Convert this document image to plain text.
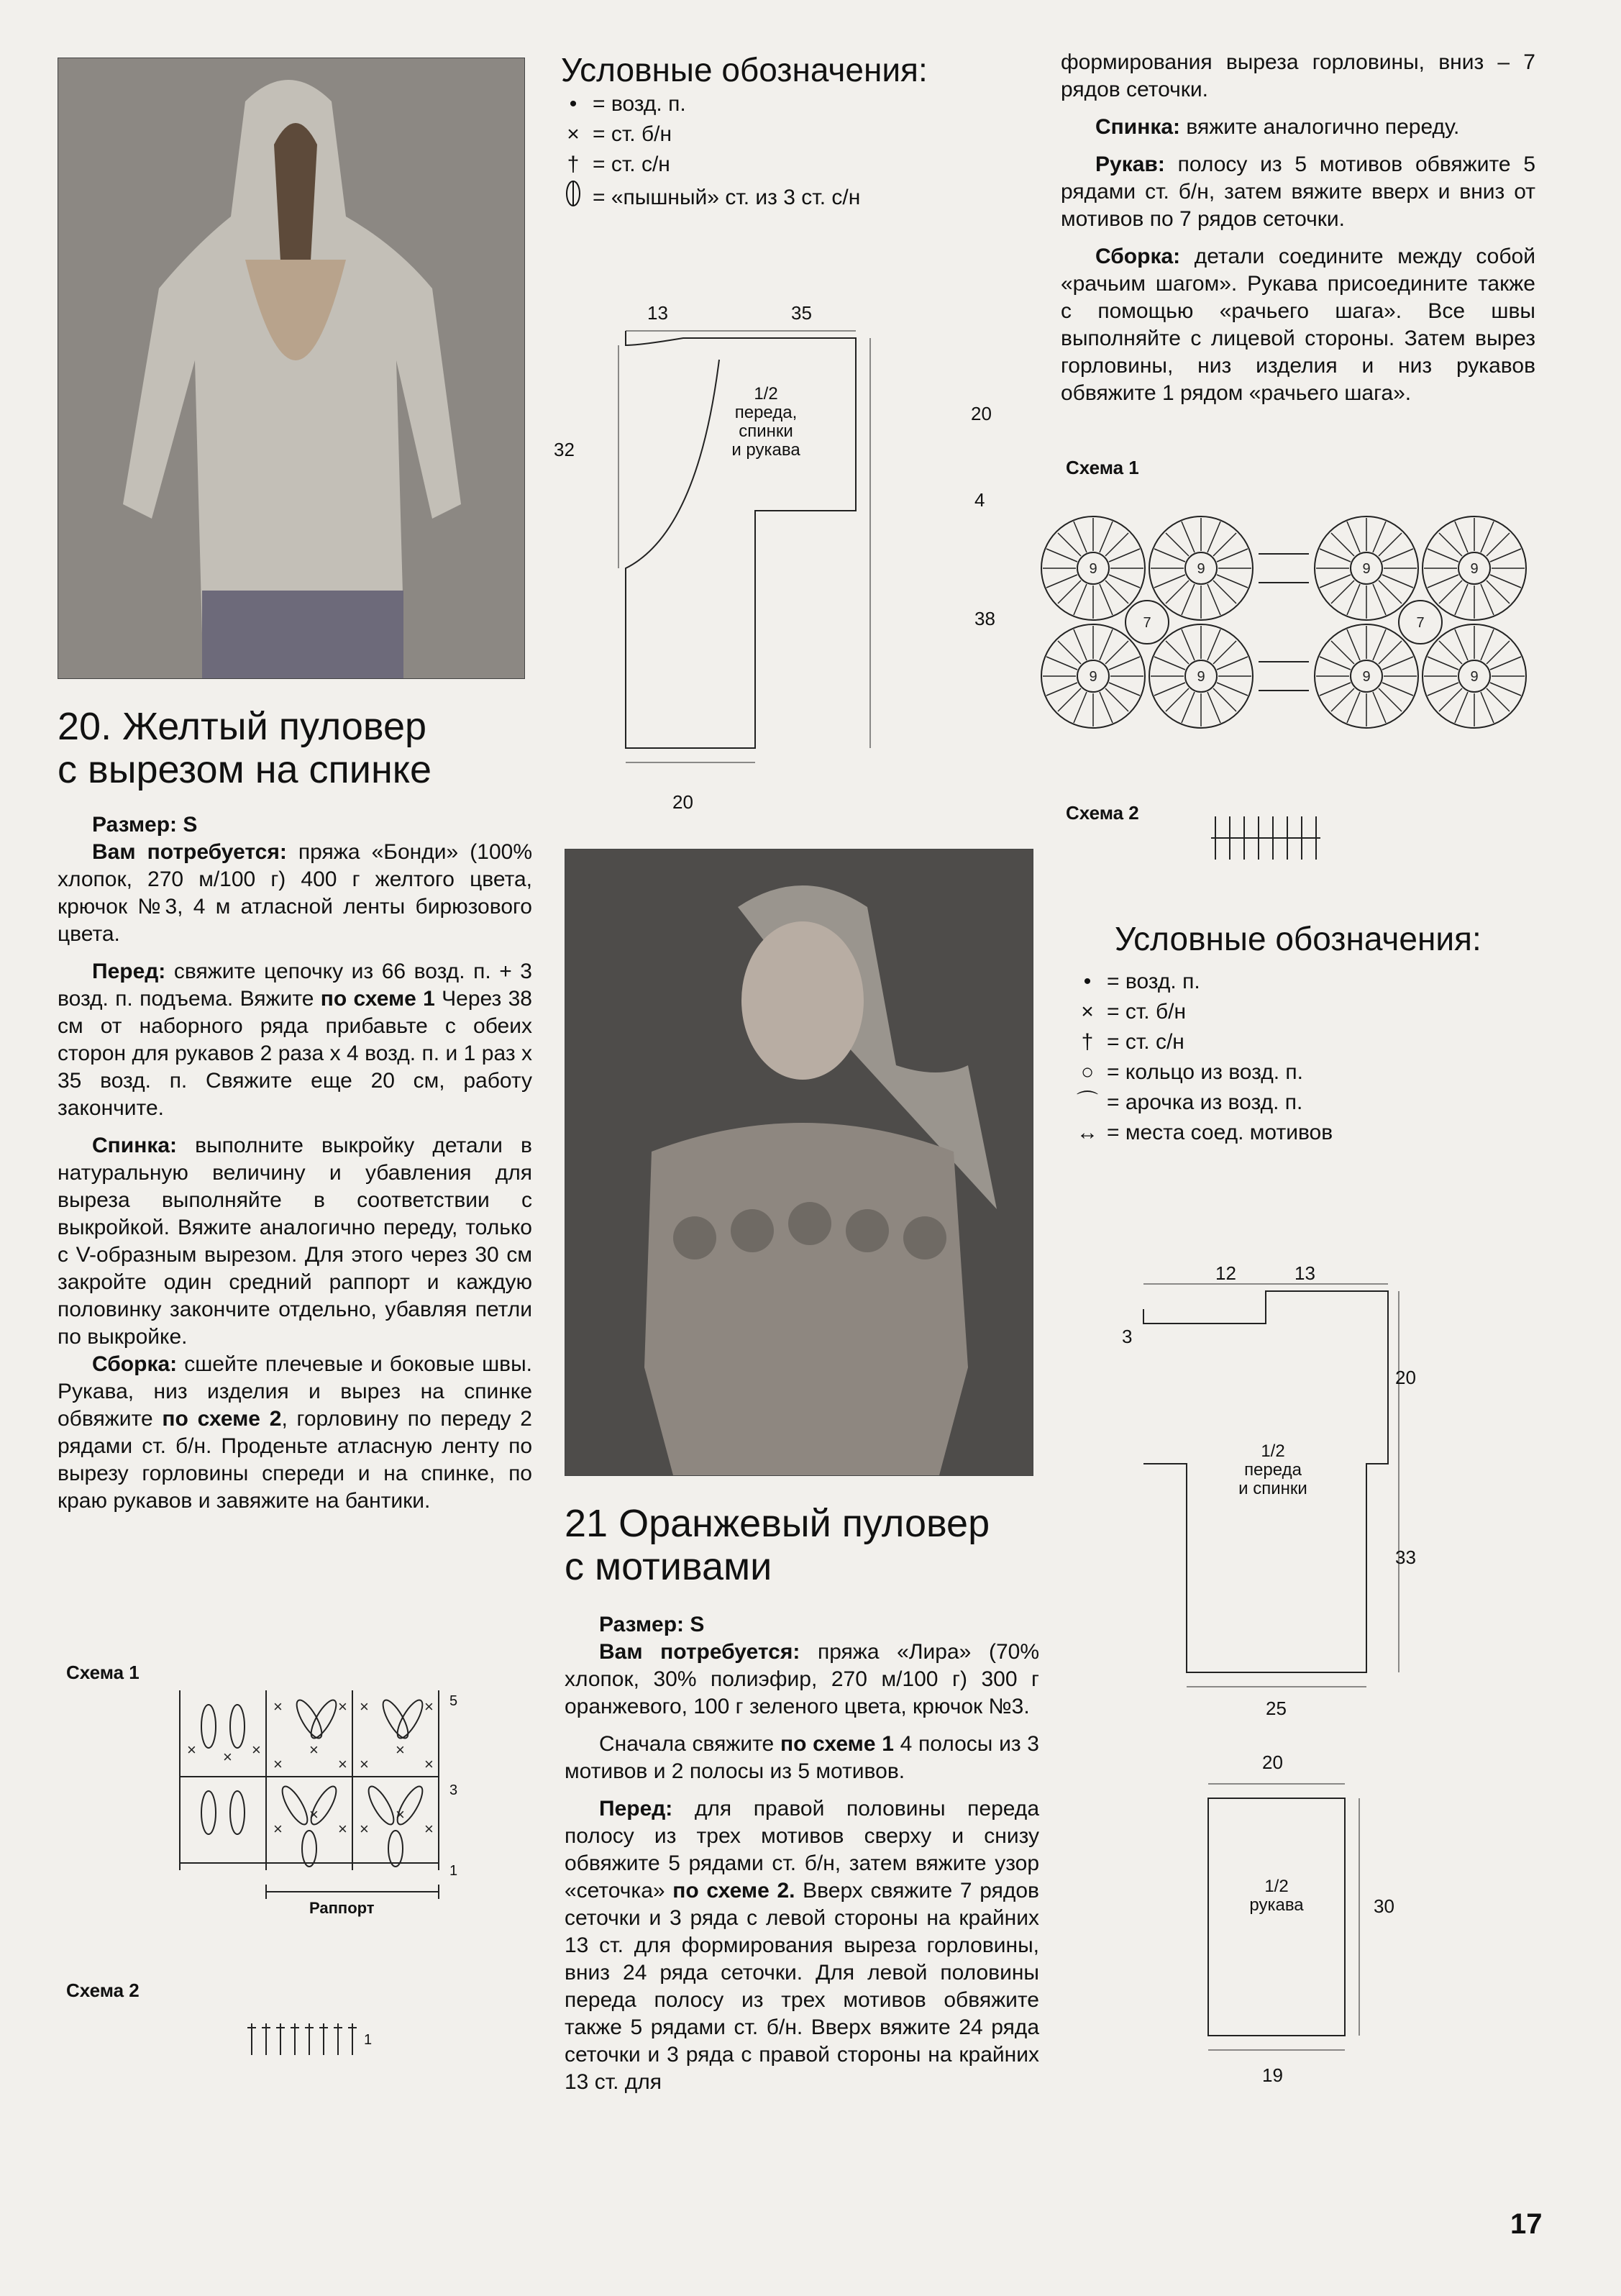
Условные обозначения:
• = возд. п.
× = ст. б/н
† = ст. с/н
= «пышный» ст. из 3 ст. с/н
13	35
20
32
4
38
20
1/2
переда,
спинки
и рукава
20. Желтый пуловер
с вырезом на спинке
Размер: S
Вам потребуется: пряжа «Бонди» (100% хлопок, 270 м/100 г) 400 г желтого цвета, крючок №3, 4 м атласной ленты бирюзового цвета.
Перед: свяжите цепочку из 66 возд. п. + 3 возд. п. подъема. Вяжите по схеме 1 Через 38 см от наборного ряда прибавьте с обеих сторон для рукавов 2 раза х 4 возд. п. и 1 раз х 35 возд. п. Свяжите еще 20 см, работу закончите.
Спинка: выполните выкройку детали в натуральную величину и убавления для выреза выполняйте в соответствии с выкройкой. Вяжите аналогично переду, только с V-образным вырезом. Для этого через 30 см закройте один средний раппорт и каждую половинку закончите отдельно, убавляя петли по выкройке.
Сборка: сшейте плечевые и боковые швы. Рукава, низ изделия и вырез на спинке обвяжите по схеме 2, горловину по переду 2 рядами ст. б/н. Проденьте атласную ленту по вырезу горловины спереди и на спинке, по краю рукавов и завяжите на бантики.
Схема 1
×	× ×	×
×
×
× ×
×
×
× × ×
×
×
× ×
×
×
5
3
1
Раппорт
Схема 2
1
21 Оранжевый пуловер
с мотивами
Размер: S
Вам потребуется: пряжа «Лира» (70% хлопок, 30% полиэфир, 270 м/100 г) 300 г оранжевого, 100 г зеленого цвета, крючок №3.
Сначала свяжите по схеме 1 4 полосы из 3 мотивов и 2 полосы из 5 мотивов.
Перед: для правой половины переда полосу из трех мотивов сверху и снизу обвяжите 5 рядами ст. б/н, затем вяжите узор «сеточка» по схеме 2. Вверх свяжите 7 рядов сеточки и 3 ряда с левой стороны на крайних 13 ст. для формирования выреза горловины, вниз 24 ряда сеточки. Для левой половины переда полосу из трех мотивов обвяжите также 5 рядами ст. б/н. Вверх вяжите 24 ряда сеточки и 3 ряда с правой стороны на крайних 13 ст. для
формирования выреза горловины, вниз – 7 рядов сеточки.
Спинка: вяжите аналогично переду.
Рукав: полосу из 5 мотивов обвяжите 5 рядами ст. б/н, затем вяжите вверх и вниз от мотивов по 7 рядов сеточки.
Сборка: детали соедините между собой «рачьим шагом». Рукава присоедините также с помощью «рачьего шага». Все швы выполняйте с лицевой стороны. Затем вырез горловины, низ изделия и низ рукавов обвяжите 1 рядом «рачьего шага».
Схема 1
9	9
9	9
9	9
9	9
7	7
Схема 2
Условные обозначения:
• = возд. п.
× = ст. б/н
† = ст. с/н
○ = кольцо из возд. п.
⌒ = арочка из возд. п.
↔ = места соед. мотивов
12	13
3
20
33
25
1/2
переда
и спинки
20
30
19
1/2
рукава
17
